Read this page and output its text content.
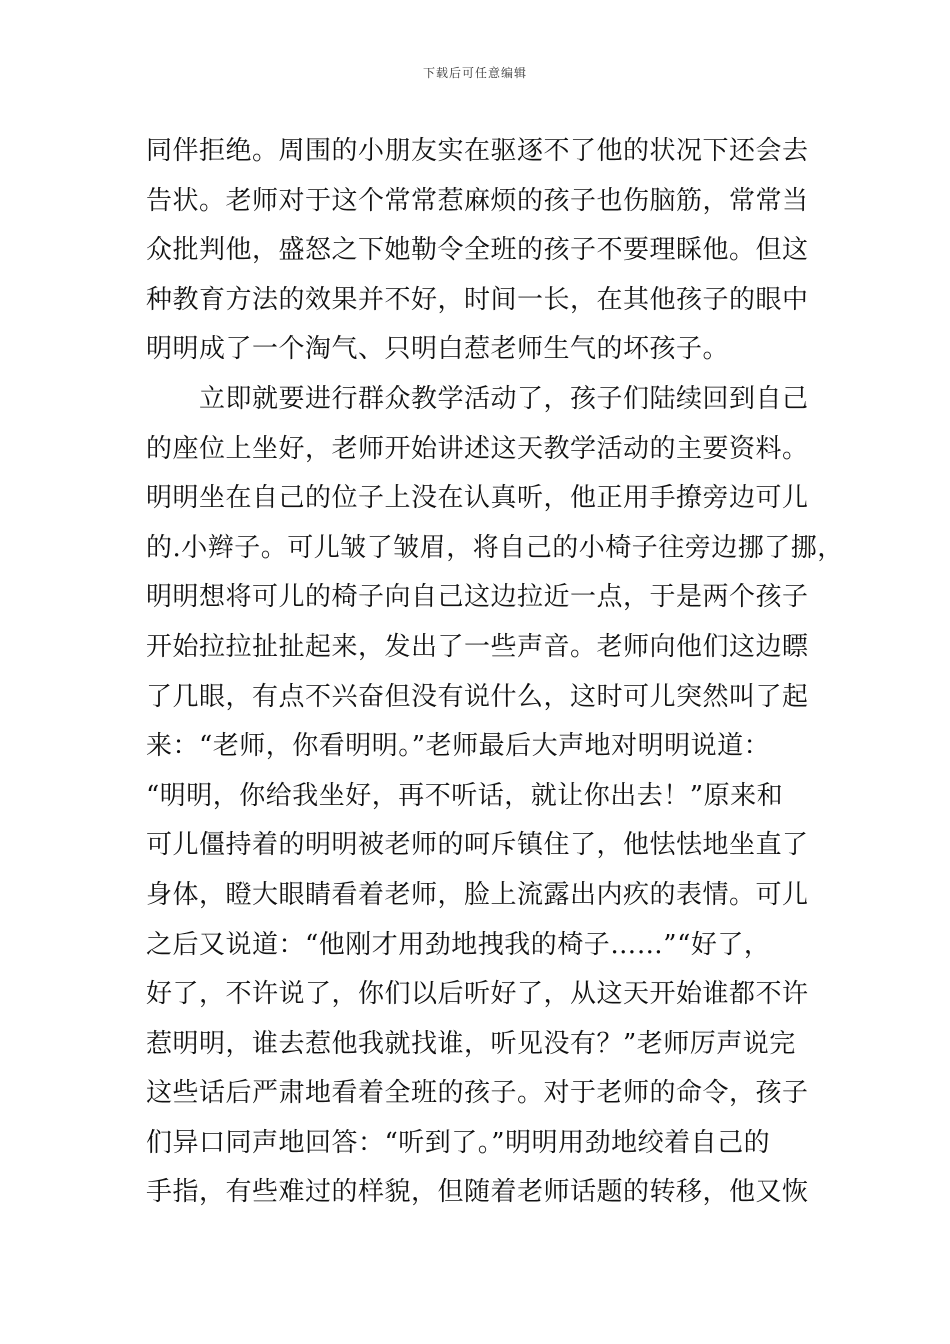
下载后可任意编辑
同伴拒绝。周围的小朋友实在驱逐不了他的状况下还会去
告状。老师对于这个常常惹麻烦的孩子也伤脑筋，常常当
众批判他，盛怒之下她勒令全班的孩子不要理睬他。但这
种教育方法的效果并不好，时间一长，在其他孩子的眼中
明明成了一个淘气、只明白惹老师生气的坏孩子。
　　立即就要进行群众教学活动了，孩子们陆续回到自己
的座位上坐好，老师开始讲述这天教学活动的主要资料。
明明坐在自己的位子上没在认真听，他正用手撩旁边可儿
的.小辫子。可儿皱了皱眉，将自己的小椅子往旁边挪了挪，
明明想将可儿的椅子向自己这边拉近一点，于是两个孩子
开始拉拉扯扯起来，发出了一些声音。老师向他们这边瞟
了几眼，有点不兴奋但没有说什么，这时可儿突然叫了起
来：“老师，你看明明。”老师最后大声地对明明说道：
“明明，你给我坐好，再不听话，就让你出去！”原来和
可儿僵持着的明明被老师的呵斥镇住了，他怯怯地坐直了
身体，瞪大眼睛看着老师，脸上流露出内疚的表情。可儿
之后又说道：“他刚才用劲地拽我的椅子……”“好了，
好了，不许说了，你们以后听好了，从这天开始谁都不许
惹明明，谁去惹他我就找谁，听见没有？”老师厉声说完
这些话后严肃地看着全班的孩子。对于老师的命令，孩子
们异口同声地回答：“听到了。”明明用劲地绞着自己的
手指，有些难过的样貌，但随着老师话题的转移，他又恢
